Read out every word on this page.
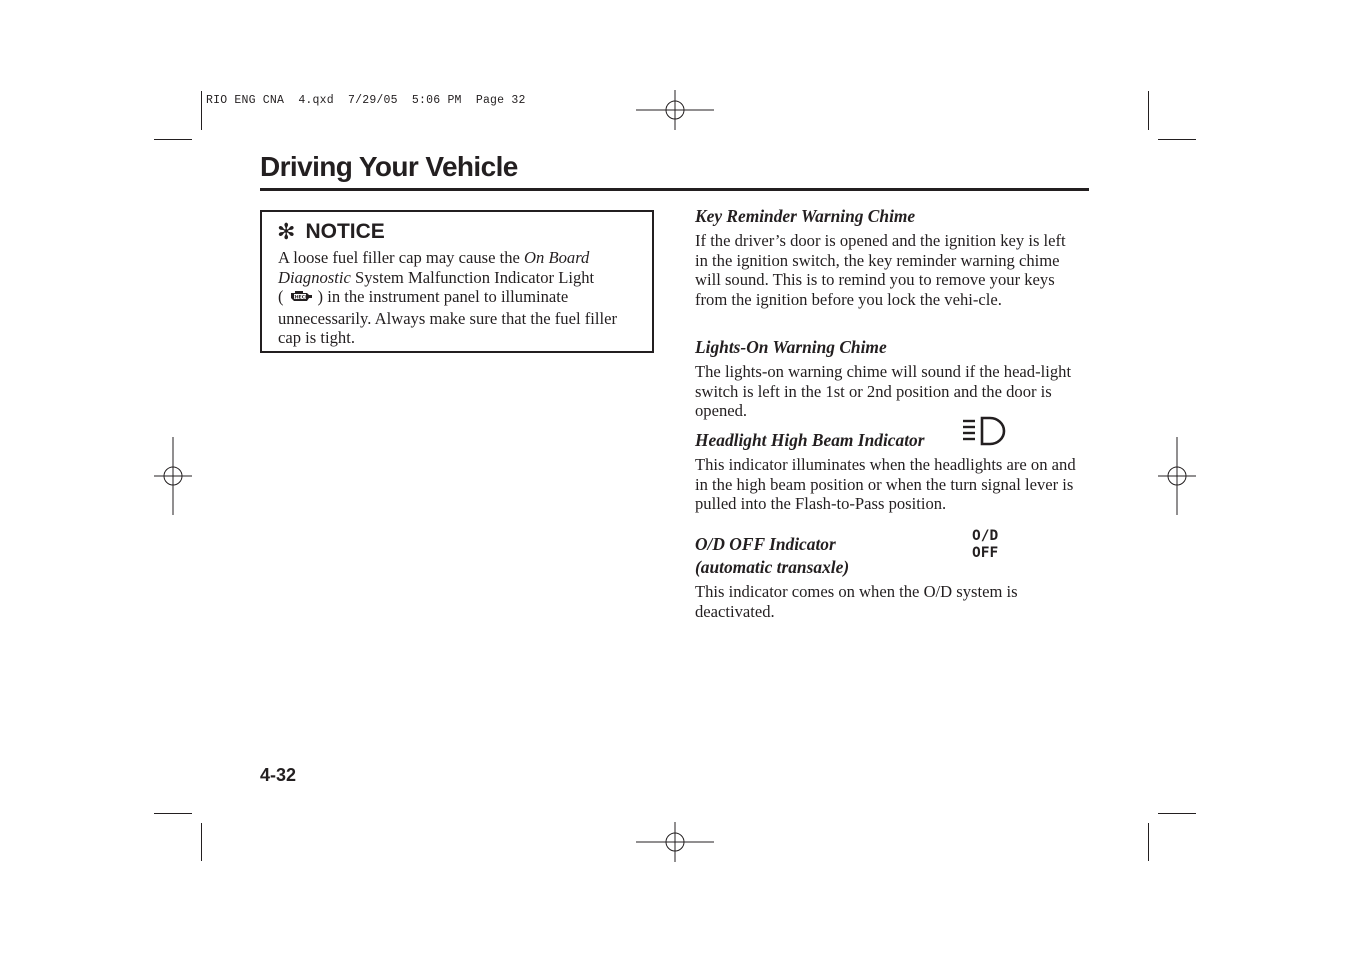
RIO ENG CNA  4.qxd  7/29/05  5:06 PM  Page 32
Driving Your Vehicle
✻ NOTICE
A loose fuel filler cap may cause the On Board Diagnostic System Malfunction Indicator Light
( CHECK ) in the instrument panel to illuminate unnecessarily. Always make sure that the fuel filler cap is tight.
Key Reminder Warning Chime
If the driver’s door is opened and the ignition key is left in the ignition switch, the key reminder warning chime will sound. This is to remind you to remove your keys from the ignition before you lock the vehi-cle.
Lights-On Warning Chime
The lights-on warning chime will sound if the head-light switch is left in the 1st or 2nd position and the door is opened.
Headlight High Beam Indicator
This indicator illuminates when the headlights are on and in the high beam position or when the turn signal lever is pulled into the Flash-to-Pass position.
O/D OFF Indicator
(automatic transaxle)
O/D
OFF
This indicator comes on when the O/D system is deactivated.
4-32
